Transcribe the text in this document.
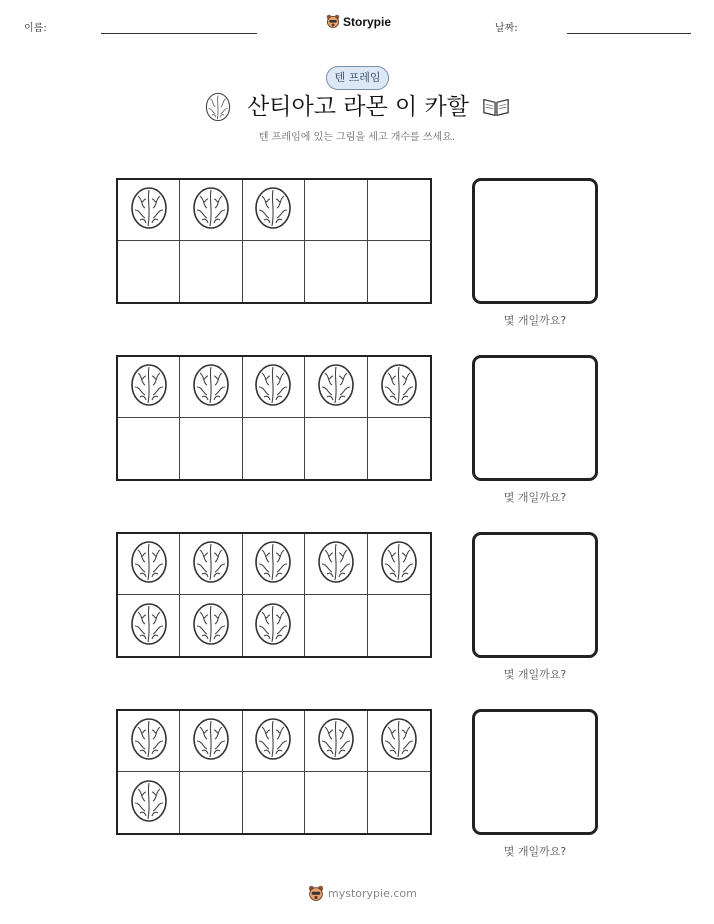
이름:	Storypie	날짜:
텐 프레임
산티아고 라몬 이 카할
텐 프레임에 있는 그림을 세고 개수를 쓰세요.
몇 개일까요?
몇 개일까요?
몇 개일까요?
몇 개일까요?
mystorypie.com
